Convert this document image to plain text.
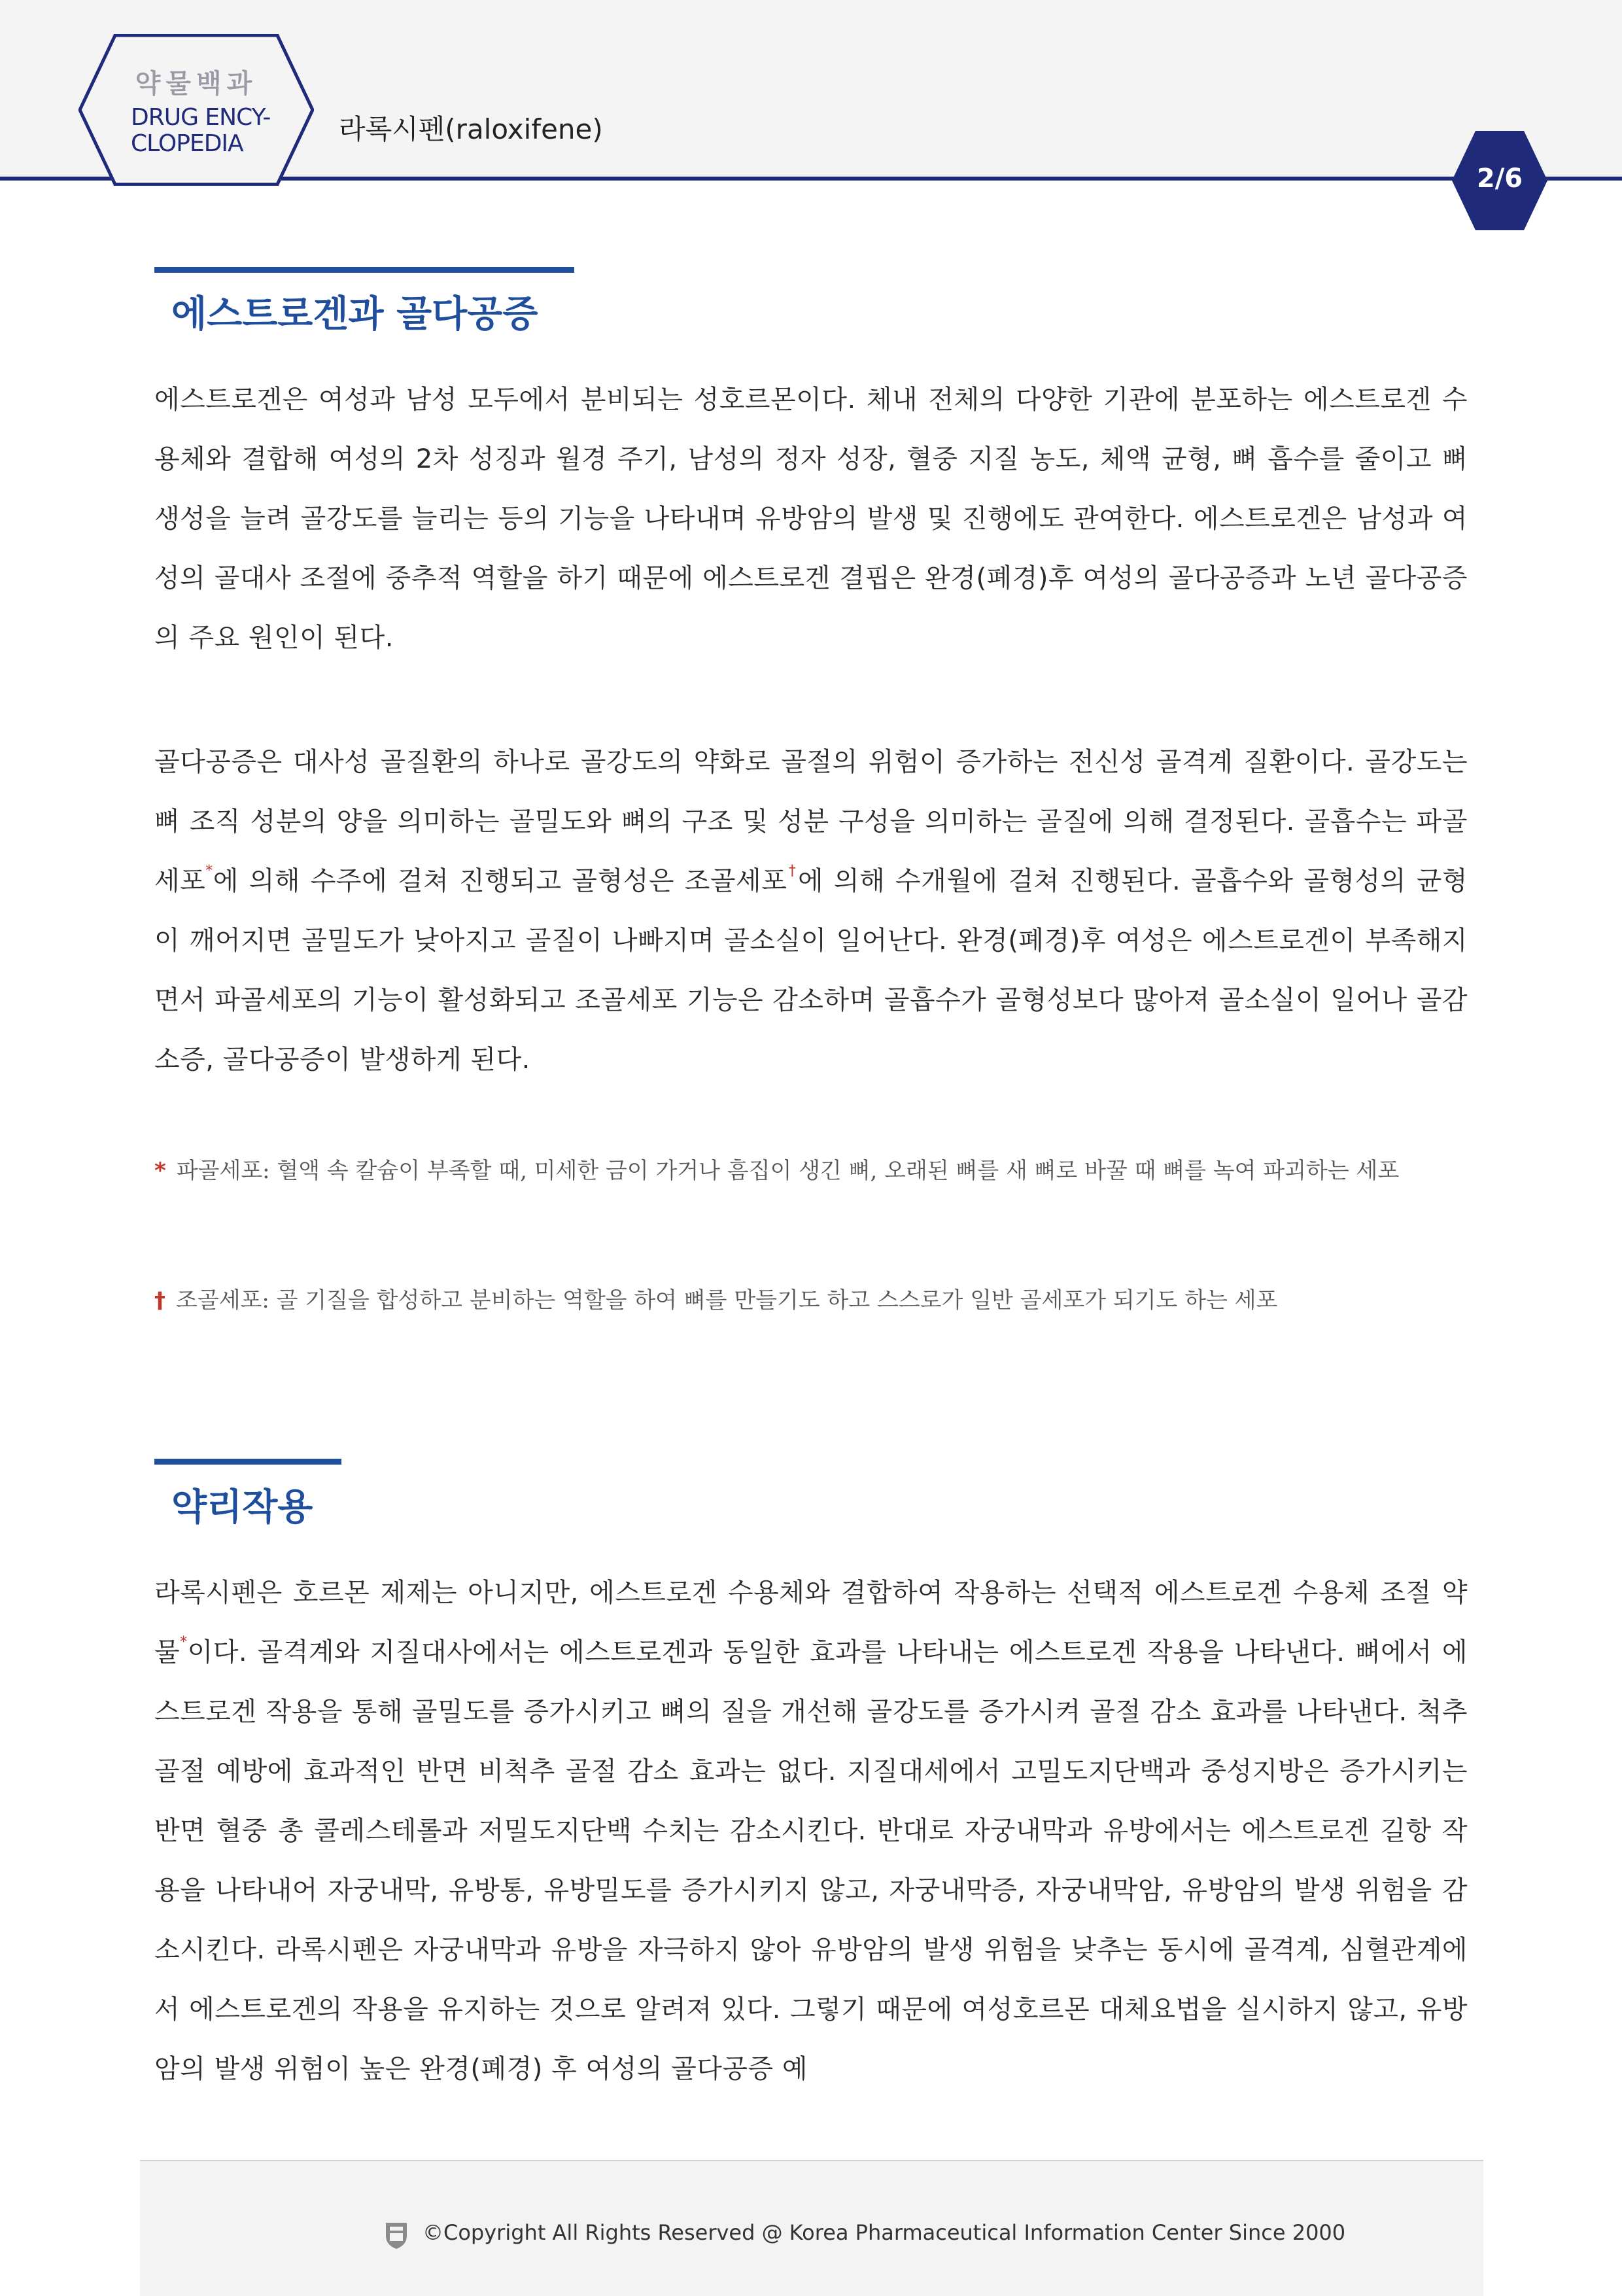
약물백과
DRUG ENCY-
CLOPEDIA	라록시펜(raloxifene)
2/6
에스트로겐과 골다공증
에스트로겐은 여성과 남성 모두에서 분비되는 성호르몬이다. 체내 전체의 다양한 기관에 분포하는 에스트로겐 수용체와 결합해 여성의 2차 성징과 월경 주기, 남성의 정자 성장, 혈중 지질 농도, 체액 균형, 뼈 흡수를 줄이고 뼈 생성을 늘려 골강도를 늘리는 등의 기능을 나타내며 유방암의 발생 및 진행에도 관여한다. 에스트로겐은 남성과 여성의 골대사 조절에 중추적 역할을 하기 때문에 에스트로겐 결핍은 완경(폐경)후 여성의 골다공증과 노년 골다공증의 주요 원인이 된다.
골다공증은 대사성 골질환의 하나로 골강도의 약화로 골절의 위험이 증가하는 전신성 골격계 질환이다. 골강도는 뼈 조직 성분의 양을 의미하는 골밀도와 뼈의 구조 및 성분 구성을 의미하는 골질에 의해 결정된다. 골흡수는 파골세포*에 의해 수주에 걸쳐 진행되고 골형성은 조골세포†에 의해 수개월에 걸쳐 진행된다. 골흡수와 골형성의 균형이 깨어지면 골밀도가 낮아지고 골질이 나빠지며 골소실이 일어난다. 완경(폐경)후 여성은 에스트로겐이 부족해지면서 파골세포의 기능이 활성화되고 조골세포 기능은 감소하며 골흡수가 골형성보다 많아져 골소실이 일어나 골감소증, 골다공증이 발생하게 된다.
* 파골세포: 혈액 속 칼슘이 부족할 때, 미세한 금이 가거나 흠집이 생긴 뼈, 오래된 뼈를 새 뼈로 바꿀 때 뼈를 녹여 파괴하는 세포
† 조골세포: 골 기질을 합성하고 분비하는 역할을 하여 뼈를 만들기도 하고 스스로가 일반 골세포가 되기도 하는 세포
약리작용
라록시펜은 호르몬 제제는 아니지만, 에스트로겐 수용체와 결합하여 작용하는 선택적 에스트로겐 수용체 조절 약물*이다. 골격계와 지질대사에서는 에스트로겐과 동일한 효과를 나타내는 에스트로겐 작용을 나타낸다. 뼈에서 에스트로겐 작용을 통해 골밀도를 증가시키고 뼈의 질을 개선해 골강도를 증가시켜 골절 감소 효과를 나타낸다. 척추 골절 예방에 효과적인 반면 비척추 골절 감소 효과는 없다. 지질대세에서 고밀도지단백과 중성지방은 증가시키는 반면 혈중 총 콜레스테롤과 저밀도지단백 수치는 감소시킨다. 반대로 자궁내막과 유방에서는 에스트로겐 길항 작용을 나타내어 자궁내막, 유방통, 유방밀도를 증가시키지 않고, 자궁내막증, 자궁내막암, 유방암의 발생 위험을 감소시킨다. 라록시펜은 자궁내막과 유방을 자극하지 않아 유방암의 발생 위험을 낮추는 동시에 골격계, 심혈관계에서 에스트로겐의 작용을 유지하는 것으로 알려져 있다. 그렇기 때문에 여성호르몬 대체요법을 실시하지 않고, 유방암의 발생 위험이 높은 완경(폐경) 후 여성의 골다공증 예
©Copyright All Rights Reserved @ Korea Pharmaceutical Information Center Since 2000
